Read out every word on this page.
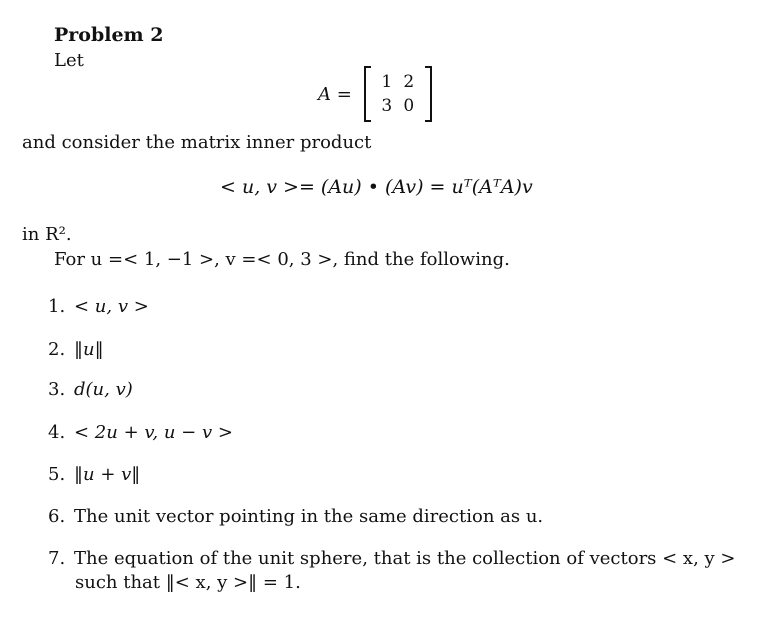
Problem 2
Let
A =
1 2
3 0
and consider the matrix inner product
< u, v >= (Au) • (Av) = uᵀ(AᵀA)v
in R².
For u =< 1, −1 >, v =< 0, 3 >, find the following.
1. < u, v >
2. ‖u‖
3. d(u, v)
4. < 2u + v, u − v >
5. ‖u + v‖
6. The unit vector pointing in the same direction as u.
7. The equation of the unit sphere, that is the collection of vectors < x, y >
such that ‖< x, y >‖ = 1.
